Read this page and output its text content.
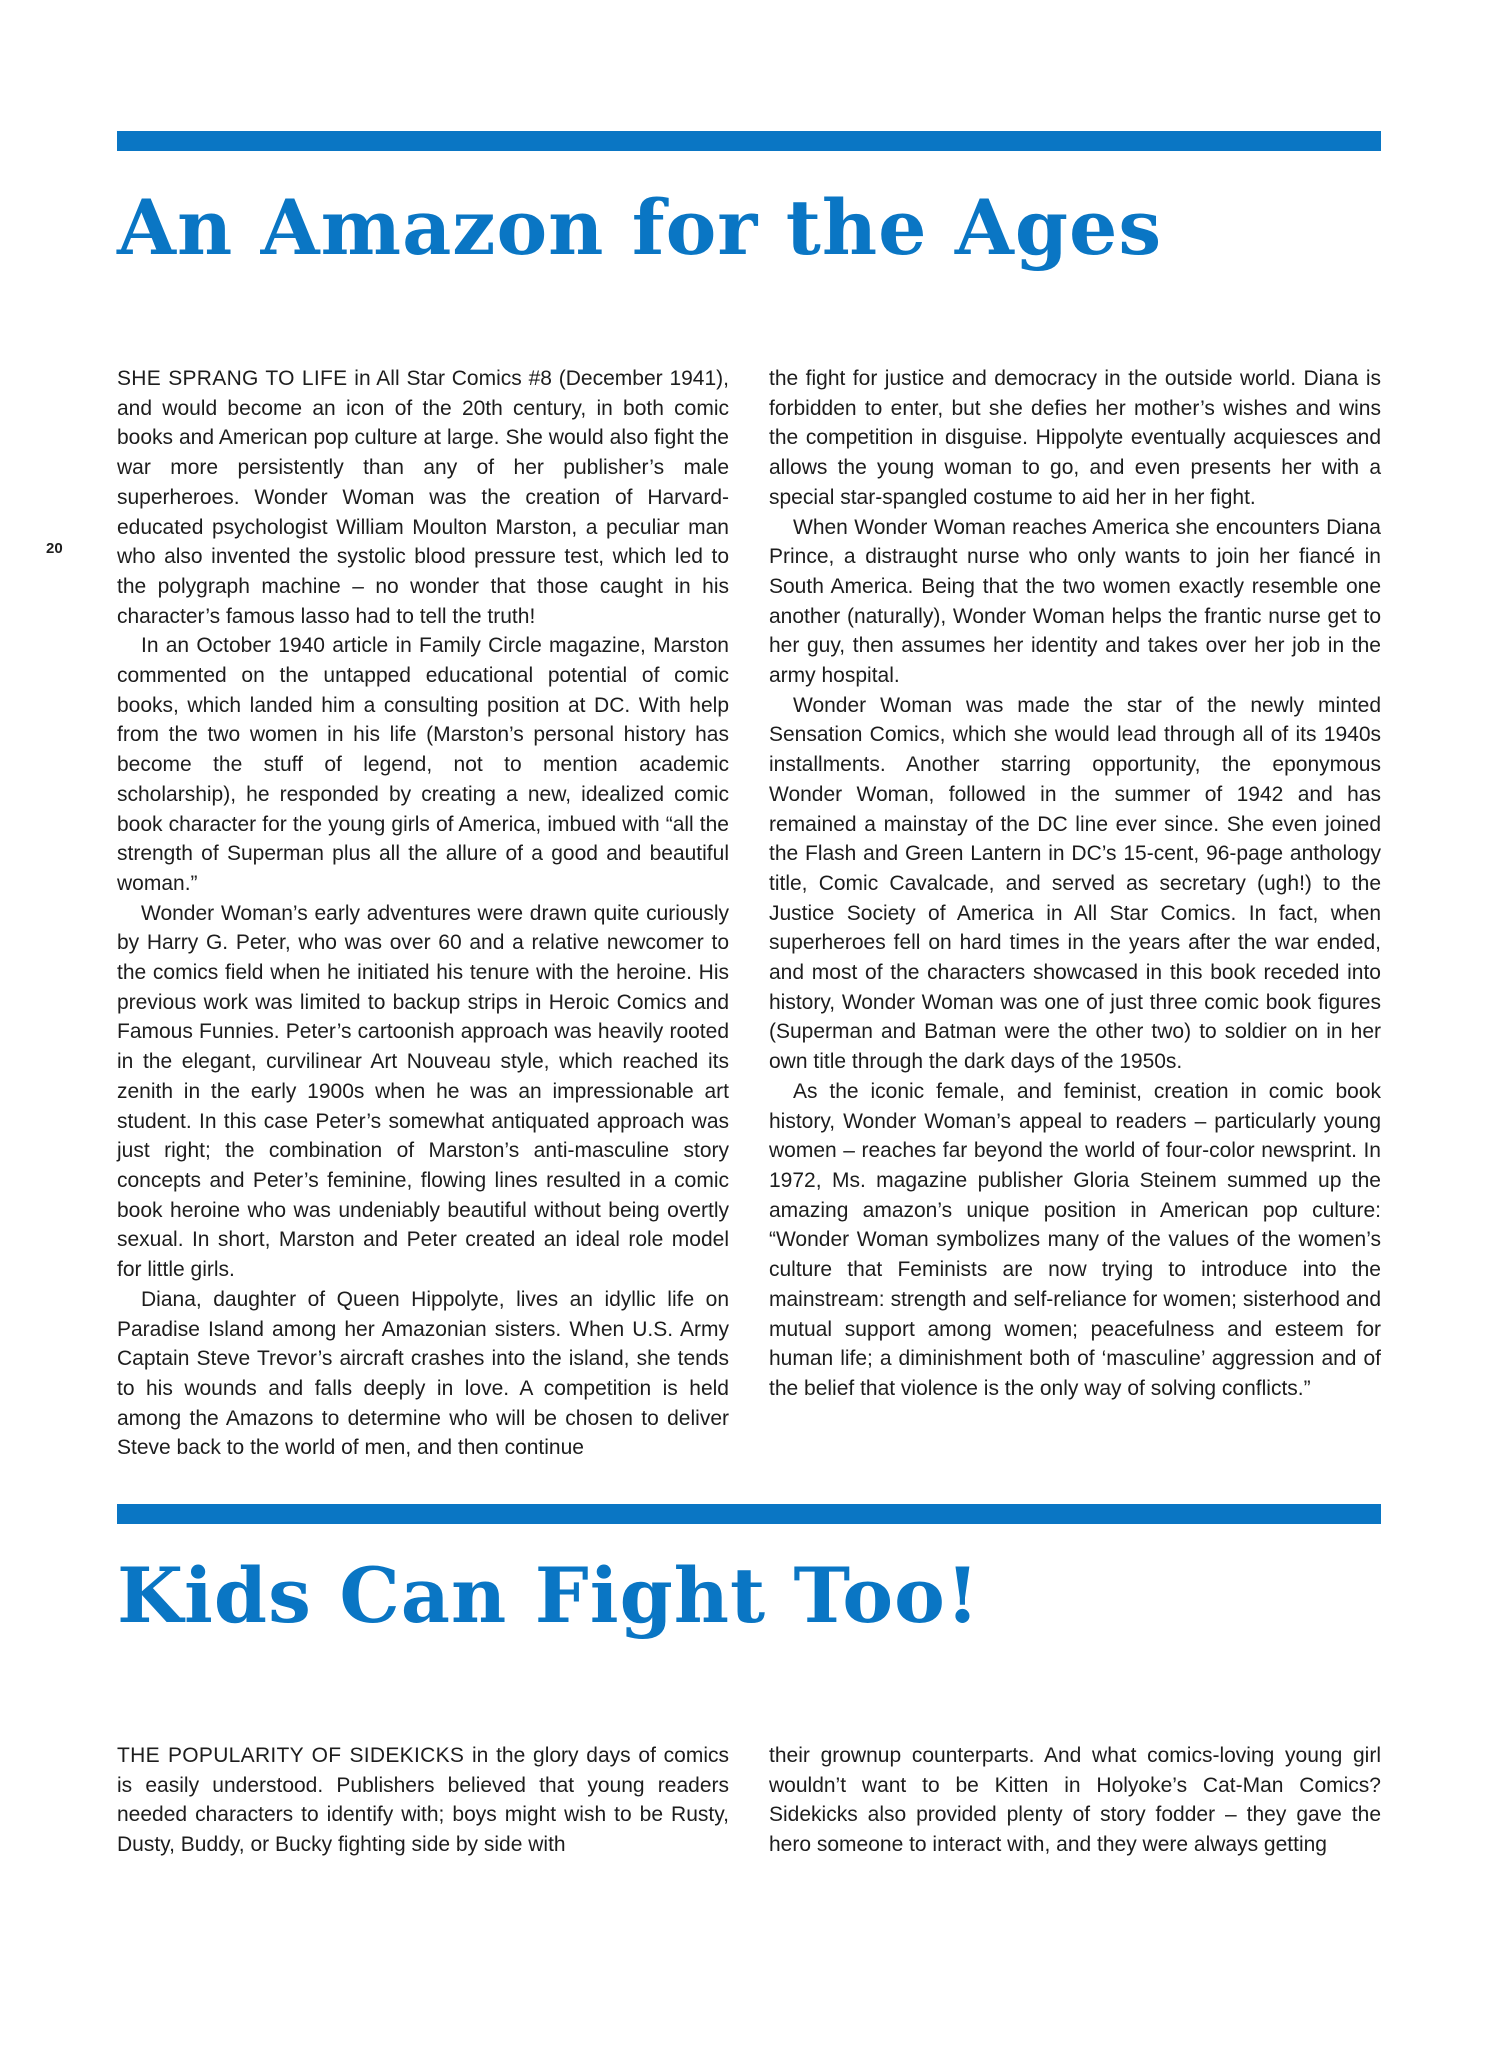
An Amazon for the Ages
20

SHE SPRANG TO LIFE in All Star Comics #8 (December 1941), and would become an icon of the 20th century, in both comic books and American pop culture at large. She would also fight the war more persistently than any of her publisher’s male superheroes. Wonder Woman was the creation of Harvard-educated psychologist William Moulton Marston, a peculiar man who also invented the systolic blood pressure test, which led to the polygraph machine – no wonder that those caught in his character’s famous lasso had to tell the truth!

In an October 1940 article in Family Circle magazine, Marston commented on the untapped educational potential of comic books, which landed him a consulting position at DC. With help from the two women in his life (Marston’s personal history has become the stuff of legend, not to mention academic scholarship), he responded by creating a new, idealized comic book character for the young girls of America, imbued with “all the strength of Superman plus all the allure of a good and beautiful woman.”

Wonder Woman’s early adventures were drawn quite curiously by Harry G. Peter, who was over 60 and a relative newcomer to the comics field when he initiated his tenure with the heroine. His previous work was limited to backup strips in Heroic Comics and Famous Funnies. Peter’s cartoonish approach was heavily rooted in the elegant, curvilinear Art Nouveau style, which reached its zenith in the early 1900s when he was an impressionable art student. In this case Peter’s somewhat antiquated approach was just right; the combination of Marston’s anti-masculine story concepts and Peter’s feminine, flowing lines resulted in a comic book heroine who was undeniably beautiful without being overtly sexual. In short, Marston and Peter created an ideal role model for little girls.

Diana, daughter of Queen Hippolyte, lives an idyllic life on Paradise Island among her Amazonian sisters. When U.S. Army Captain Steve Trevor’s aircraft crashes into the island, she tends to his wounds and falls deeply in love. A competition is held among the Amazons to determine who will be chosen to deliver Steve back to the world of men, and then continue

the fight for justice and democracy in the outside world. Diana is forbidden to enter, but she defies her mother’s wishes and wins the competition in disguise. Hippolyte eventually acquiesces and allows the young woman to go, and even presents her with a special star-spangled costume to aid her in her fight.

When Wonder Woman reaches America she encounters Diana Prince, a distraught nurse who only wants to join her fiancé in South America. Being that the two women exactly resemble one another (naturally), Wonder Woman helps the frantic nurse get to her guy, then assumes her identity and takes over her job in the army hospital.

Wonder Woman was made the star of the newly minted Sensation Comics, which she would lead through all of its 1940s installments. Another starring opportunity, the eponymous Wonder Woman, followed in the summer of 1942 and has remained a mainstay of the DC line ever since. She even joined the Flash and Green Lantern in DC’s 15-cent, 96-page anthology title, Comic Cavalcade, and served as secretary (ugh!) to the Justice Society of America in All Star Comics. In fact, when superheroes fell on hard times in the years after the war ended, and most of the characters showcased in this book receded into history, Wonder Woman was one of just three comic book figures (Superman and Batman were the other two) to soldier on in her own title through the dark days of the 1950s.

As the iconic female, and feminist, creation in comic book history, Wonder Woman’s appeal to readers – particularly young women – reaches far beyond the world of four-color newsprint. In 1972, Ms. magazine publisher Gloria Steinem summed up the amazing amazon’s unique position in American pop culture: “Wonder Woman symbolizes many of the values of the women’s culture that Feminists are now trying to introduce into the mainstream: strength and self-reliance for women; sisterhood and mutual support among women; peacefulness and esteem for human life; a diminishment both of ‘masculine’ aggression and of the belief that violence is the only way of solving conflicts.”

Kids Can Fight Too!

THE POPULARITY OF SIDEKICKS in the glory days of comics is easily understood. Publishers believed that young readers needed characters to identify with; boys might wish to be Rusty, Dusty, Buddy, or Bucky fighting side by side with

their grownup counterparts. And what comics-loving young girl wouldn’t want to be Kitten in Holyoke’s Cat-Man Comics? Sidekicks also provided plenty of story fodder – they gave the hero someone to interact with, and they were always getting
